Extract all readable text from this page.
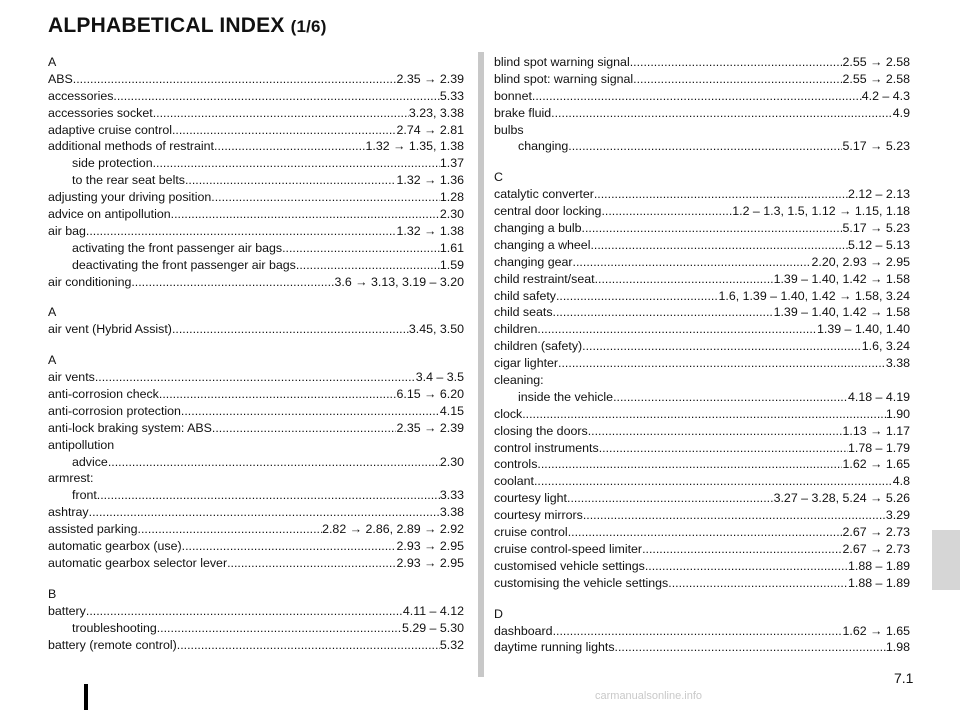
ALPHABETICAL INDEX (1/6)
A
ABS .....	2.35 → 2.39
accessories .....	5.33
accessories socket .....	3.23, 3.38
adaptive cruise control .....	2.74 → 2.81
additional methods of restraint .....	1.32 → 1.35, 1.38
side protection .....	1.37
to the rear seat belts .....	1.32 → 1.36
adjusting your driving position .....	1.28
advice on antipollution .....	2.30
air bag .....	1.32 → 1.38
activating the front passenger air bags .....	1.61
deactivating the front passenger air bags .....	1.59
air conditioning .....	3.6 → 3.13, 3.19 – 3.20
A
air vent (Hybrid Assist) .....	3.45, 3.50
A
air vents .....	3.4 – 3.5
anti-corrosion check .....	6.15 → 6.20
anti-corrosion protection .....	4.15
anti-lock braking system: ABS .....	2.35 → 2.39
antipollution
advice .....	2.30
armrest:
front .....	3.33
ashtray .....	3.38
assisted parking .....	2.82 → 2.86, 2.89 → 2.92
automatic gearbox (use) .....	2.93 → 2.95
automatic gearbox selector lever .....	2.93 → 2.95
B
battery .....	4.11 – 4.12
troubleshooting .....	5.29 – 5.30
battery (remote control) .....	5.32
blind spot warning signal .....	2.55 → 2.58
blind spot: warning signal .....	2.55 → 2.58
bonnet .....	4.2 – 4.3
brake fluid .....	4.9
bulbs
changing .....	5.17 → 5.23
C
catalytic converter .....	2.12 – 2.13
central door locking .....	1.2 – 1.3, 1.5, 1.12 → 1.15, 1.18
changing a bulb .....	5.17 → 5.23
changing a wheel .....	5.12 – 5.13
changing gear .....	2.20, 2.93 → 2.95
child restraint/seat .....	1.39 – 1.40, 1.42 → 1.58
child safety .....	1.6, 1.39 – 1.40, 1.42 → 1.58, 3.24
child seats .....	1.39 – 1.40, 1.42 → 1.58
children .....	1.39 – 1.40, 1.40
children (safety) .....	1.6, 3.24
cigar lighter .....	3.38
cleaning:
inside the vehicle .....	4.18 – 4.19
clock .....	1.90
closing the doors .....	1.13 → 1.17
control instruments .....	1.78 – 1.79
controls .....	1.62 → 1.65
coolant .....	4.8
courtesy light .....	3.27 – 3.28, 5.24 → 5.26
courtesy mirrors .....	3.29
cruise control .....	2.67 → 2.73
cruise control-speed limiter .....	2.67 → 2.73
customised vehicle settings .....	1.88 – 1.89
customising the vehicle settings .....	1.88 – 1.89
D
dashboard .....	1.62 → 1.65
daytime running lights .....	1.98
7.1
carmanualsonline.info
